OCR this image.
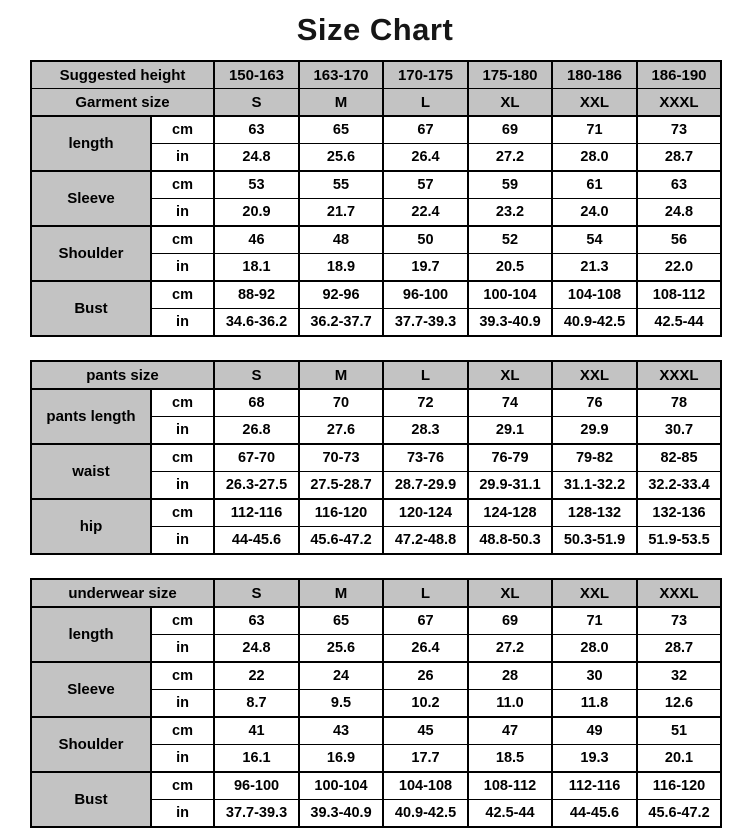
Size Chart
Suggested height		150-163	163-170	170-175	175-180	180-186	186-190
Garment size		S	M	L	XL	XXL	XXXL
length	cm	63	65	67	69	71	73
	in	24.8	25.6	26.4	27.2	28.0	28.7
Sleeve	cm	53	55	57	59	61	63
	in	20.9	21.7	22.4	23.2	24.0	24.8
Shoulder	cm	46	48	50	52	54	56
	in	18.1	18.9	19.7	20.5	21.3	22.0
Bust	cm	88-92	92-96	96-100	100-104	104-108	108-112
	in	34.6-36.2	36.2-37.7	37.7-39.3	39.3-40.9	40.9-42.5	42.5-44
pants size		S	M	L	XL	XXL	XXXL
pants length	cm	68	70	72	74	76	78
	in	26.8	27.6	28.3	29.1	29.9	30.7
waist	cm	67-70	70-73	73-76	76-79	79-82	82-85
	in	26.3-27.5	27.5-28.7	28.7-29.9	29.9-31.1	31.1-32.2	32.2-33.4
hip	cm	112-116	116-120	120-124	124-128	128-132	132-136
	in	44-45.6	45.6-47.2	47.2-48.8	48.8-50.3	50.3-51.9	51.9-53.5
underwear size		S	M	L	XL	XXL	XXXL
length	cm	63	65	67	69	71	73
	in	24.8	25.6	26.4	27.2	28.0	28.7
Sleeve	cm	22	24	26	28	30	32
	in	8.7	9.5	10.2	11.0	11.8	12.6
Shoulder	cm	41	43	45	47	49	51
	in	16.1	16.9	17.7	18.5	19.3	20.1
Bust	cm	96-100	100-104	104-108	108-112	112-116	116-120
	in	37.7-39.3	39.3-40.9	40.9-42.5	42.5-44	44-45.6	45.6-47.2
